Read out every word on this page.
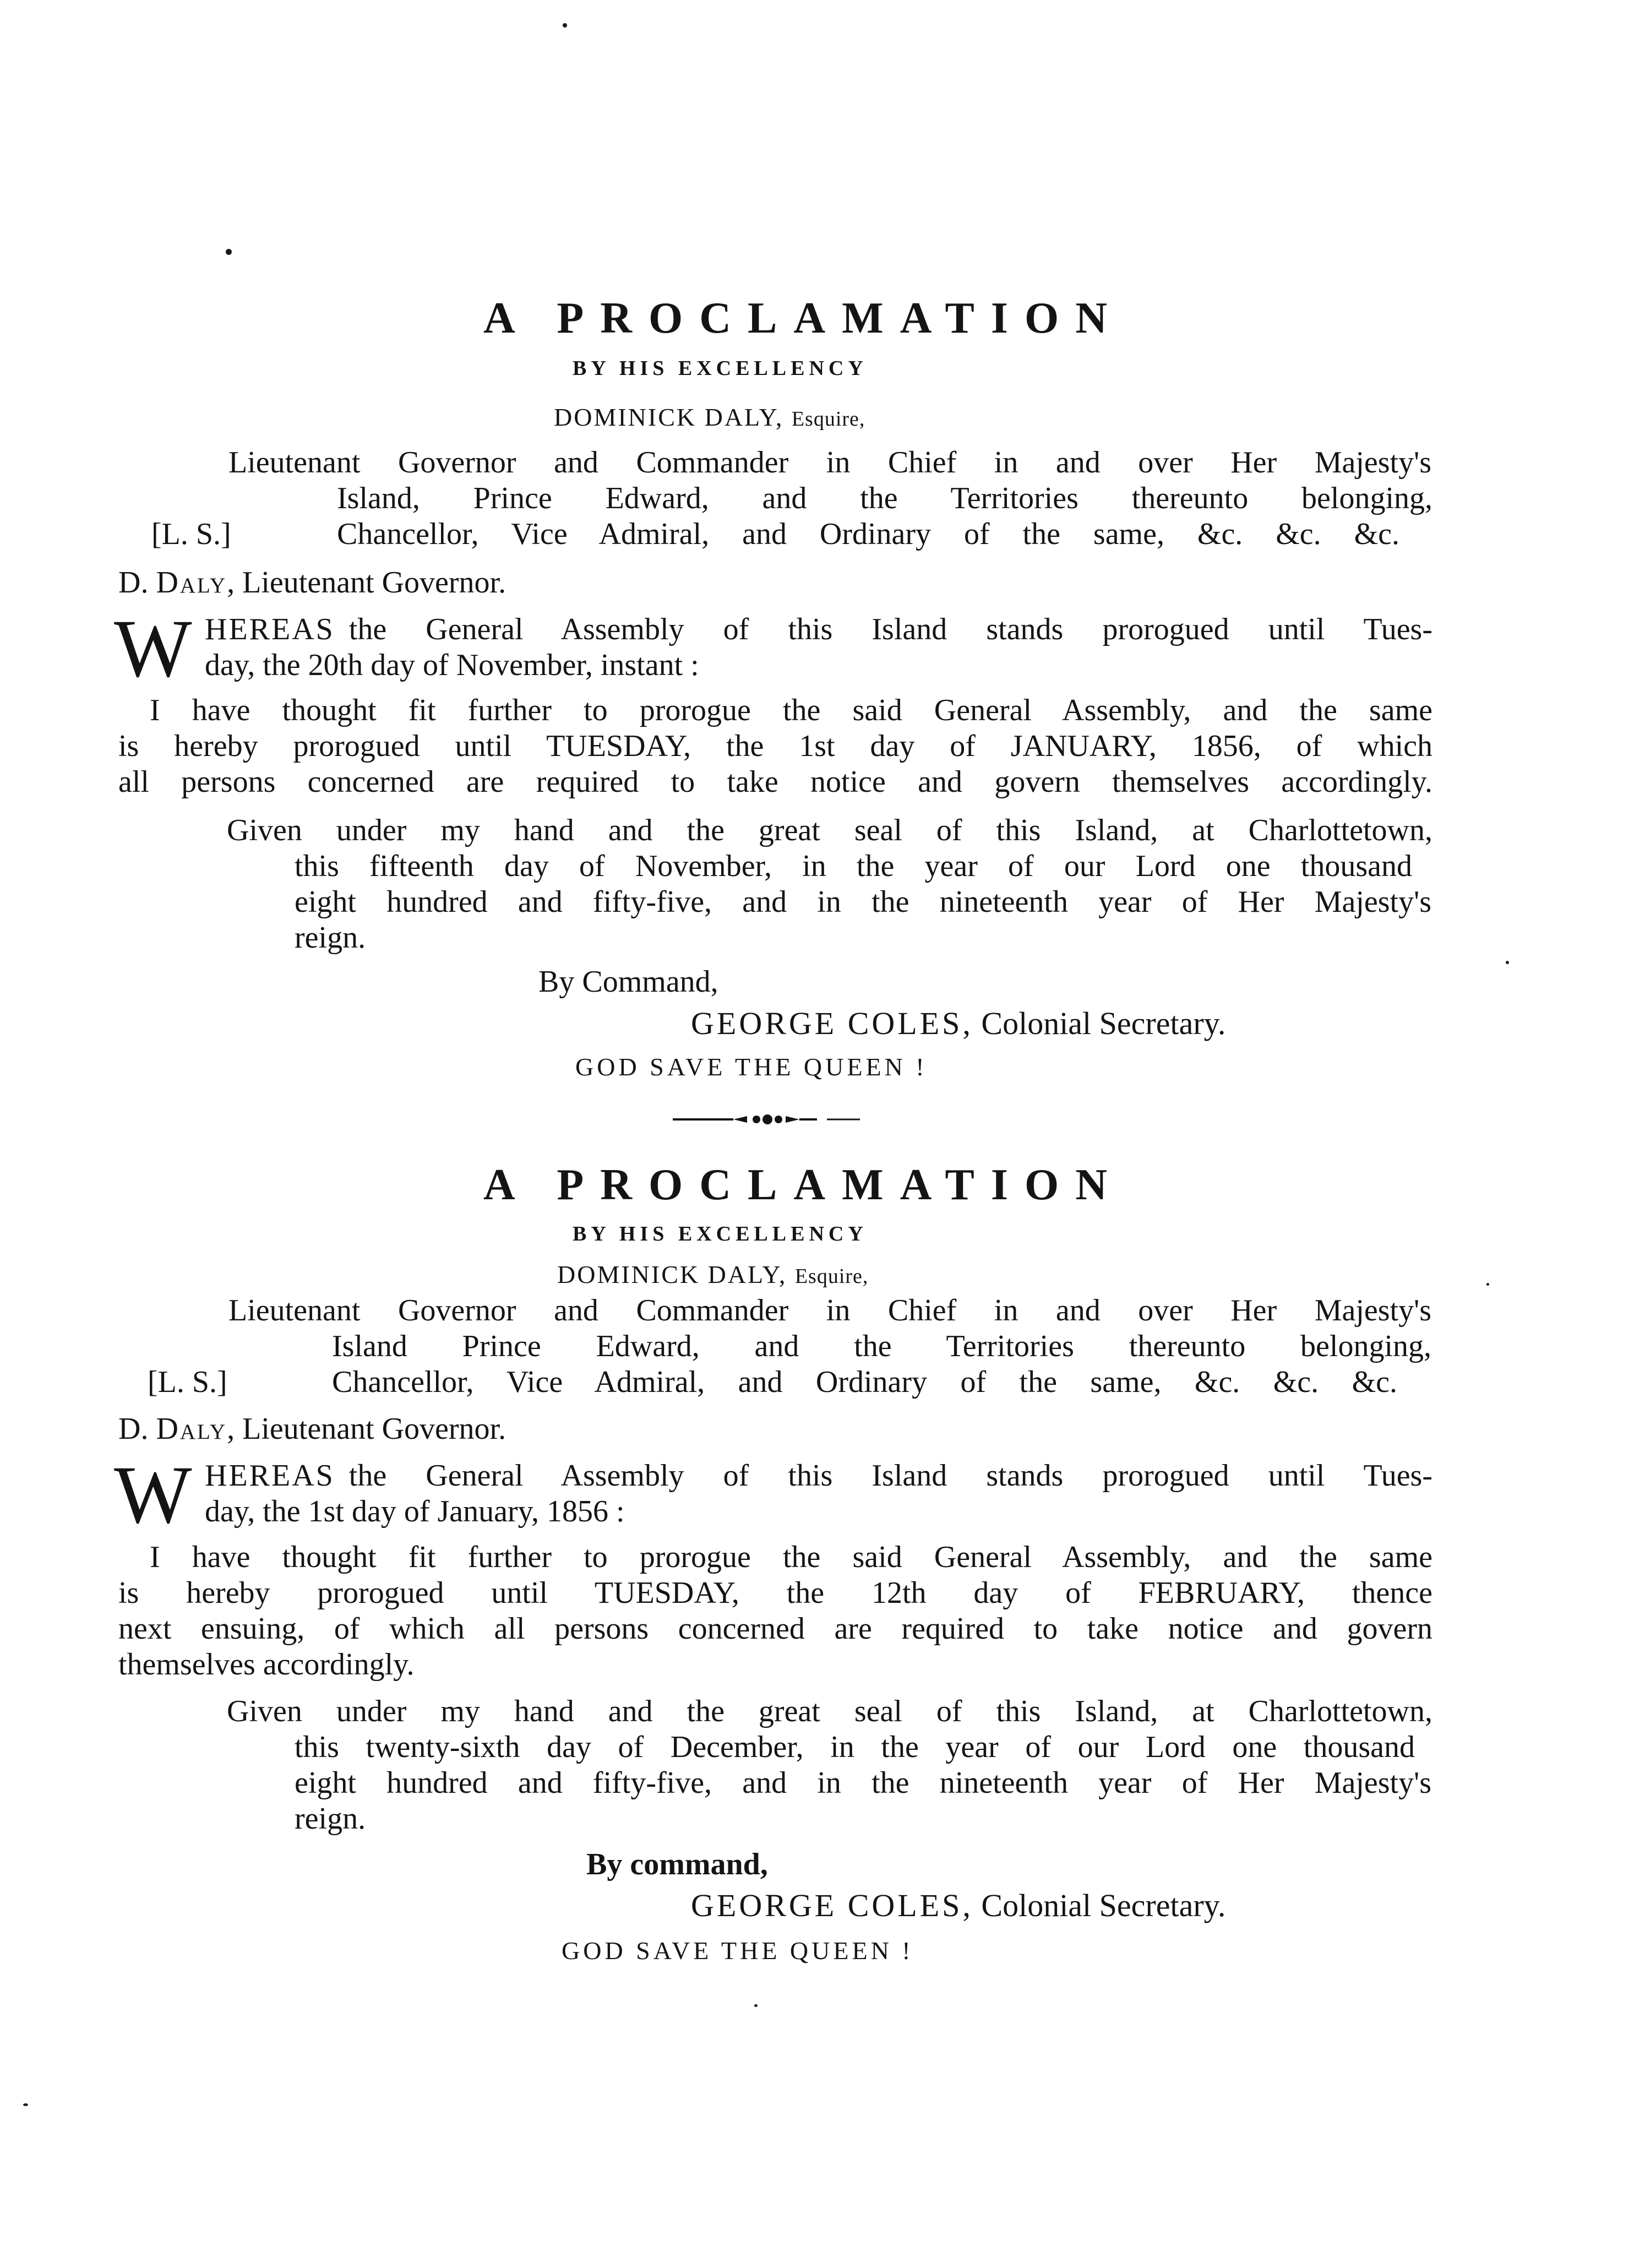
A PROCLAMATION
BY HIS EXCELLENCY
DOMINICK DALY, Esquire,
Lieutenant Governor and Commander in Chief in and over Her Majesty's
Island, Prince Edward, and the Territories thereunto belonging,
[L. S.]	Chancellor, Vice Admiral, and Ordinary of the same, &c. &c. &c.
D. Daly, Lieutenant Governor.
W HEREAS the General Assembly of this Island stands prorogued until Tues-
day, the 20th day of November, instant :
I have thought fit further to prorogue the said General Assembly, and the same
is hereby prorogued until TUESDAY, the 1st day of JANUARY, 1856, of which
all persons concerned are required to take notice and govern themselves accordingly.
Given under my hand and the great seal of this Island, at Charlottetown,
this fifteenth day of November, in the year of our Lord one thousand
eight hundred and fifty-five, and in the nineteenth year of Her Majesty's
reign.
By Command,
GEORGE COLES, Colonial Secretary.
GOD SAVE THE QUEEN !
A PROCLAMATION
BY HIS EXCELLENCY
DOMINICK DALY, Esquire,
Lieutenant Governor and Commander in Chief in and over Her Majesty's
Island Prince Edward, and the Territories thereunto belonging,
[L. S.]	Chancellor, Vice Admiral, and Ordinary of the same, &c. &c. &c.
D. Daly, Lieutenant Governor.
W HEREAS the General Assembly of this Island stands prorogued until Tues-
day, the 1st day of January, 1856 :
I have thought fit further to prorogue the said General Assembly, and the same
is hereby prorogued until TUESDAY, the 12th day of FEBRUARY, thence
next ensuing, of which all persons concerned are required to take notice and govern
themselves accordingly.
Given under my hand and the great seal of this Island, at Charlottetown,
this twenty-sixth day of December, in the year of our Lord one thousand
eight hundred and fifty-five, and in the nineteenth year of Her Majesty's
reign.
By command,
GEORGE COLES, Colonial Secretary.
GOD SAVE THE QUEEN !
